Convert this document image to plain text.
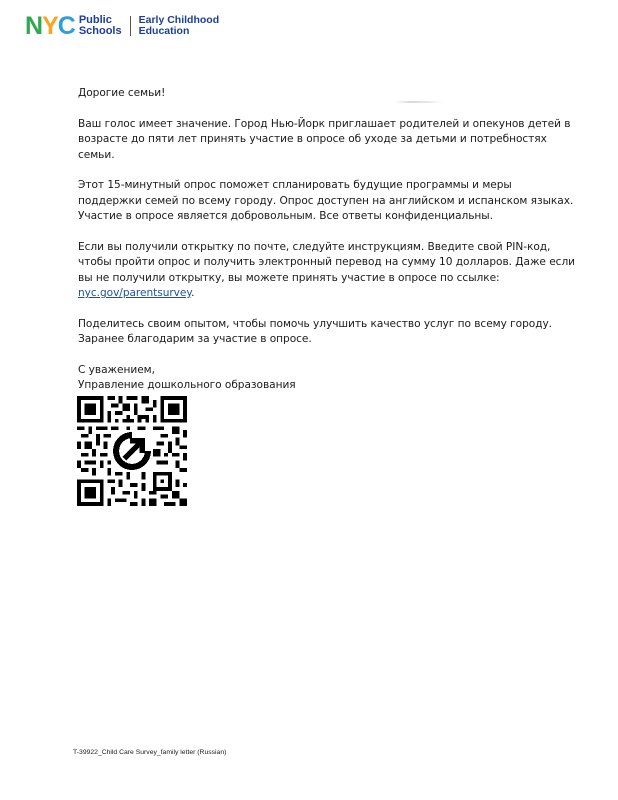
N Y C Public
Schools
Early Childhood
Education

Дорогие семьи!

Ваш голос имеет значение. Город Нью-Йорк приглашает родителей и опекунов детей в возрасте до пяти лет принять участие в опросе об уходе за детьми и потребностях семьи.

Этот 15-минутный опрос поможет спланировать будущие программы и меры поддержки семей по всему городу. Опрос доступен на английском и испанском языках. Участие в опросе является добровольным. Все ответы конфиденциальны.

Если вы получили открытку по почте, следуйте инструкциям. Введите свой PIN-код, чтобы пройти опрос и получить электронный перевод на сумму 10 долларов. Даже если вы не получили открытку, вы можете принять участие в опросе по ссылке:
nyc.gov/parentsurvey.

Поделитесь своим опытом, чтобы помочь улучшить качество услуг по всему городу. Заранее благодарим за участие в опросе.

С уважением,
Управление дошкольного образования

T-39922_Child Care Survey_family letter (Russian)
